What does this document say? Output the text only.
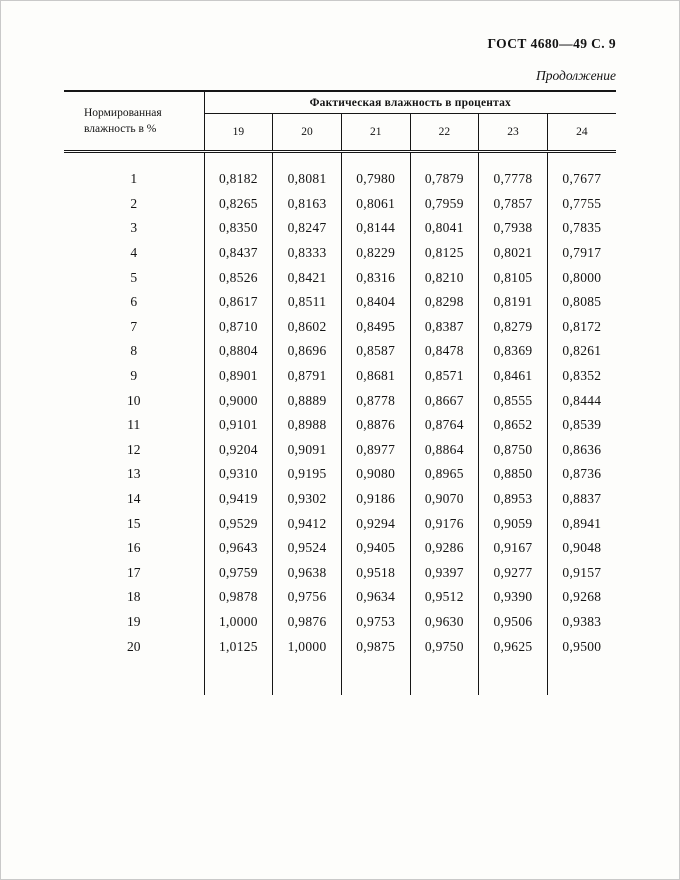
ГОСТ 4680—49 С. 9
Продолжение
Нормированная влажность в %	Фактическая влажность в процентах					
	19	20	21	22	23	24
1	0,8182	0,8081	0,7980	0,7879	0,7778	0,7677
2	0,8265	0,8163	0,8061	0,7959	0,7857	0,7755
3	0,8350	0,8247	0,8144	0,8041	0,7938	0,7835
4	0,8437	0,8333	0,8229	0,8125	0,8021	0,7917
5	0,8526	0,8421	0,8316	0,8210	0,8105	0,8000
6	0,8617	0,8511	0,8404	0,8298	0,8191	0,8085
7	0,8710	0,8602	0,8495	0,8387	0,8279	0,8172
8	0,8804	0,8696	0,8587	0,8478	0,8369	0,8261
9	0,8901	0,8791	0,8681	0,8571	0,8461	0,8352
10	0,9000	0,8889	0,8778	0,8667	0,8555	0,8444
11	0,9101	0,8988	0,8876	0,8764	0,8652	0,8539
12	0,9204	0,9091	0,8977	0,8864	0,8750	0,8636
13	0,9310	0,9195	0,9080	0,8965	0,8850	0,8736
14	0,9419	0,9302	0,9186	0,9070	0,8953	0,8837
15	0,9529	0,9412	0,9294	0,9176	0,9059	0,8941
16	0,9643	0,9524	0,9405	0,9286	0,9167	0,9048
17	0,9759	0,9638	0,9518	0,9397	0,9277	0,9157
18	0,9878	0,9756	0,9634	0,9512	0,9390	0,9268
19	1,0000	0,9876	0,9753	0,9630	0,9506	0,9383
20	1,0125	1,0000	0,9875	0,9750	0,9625	0,9500
